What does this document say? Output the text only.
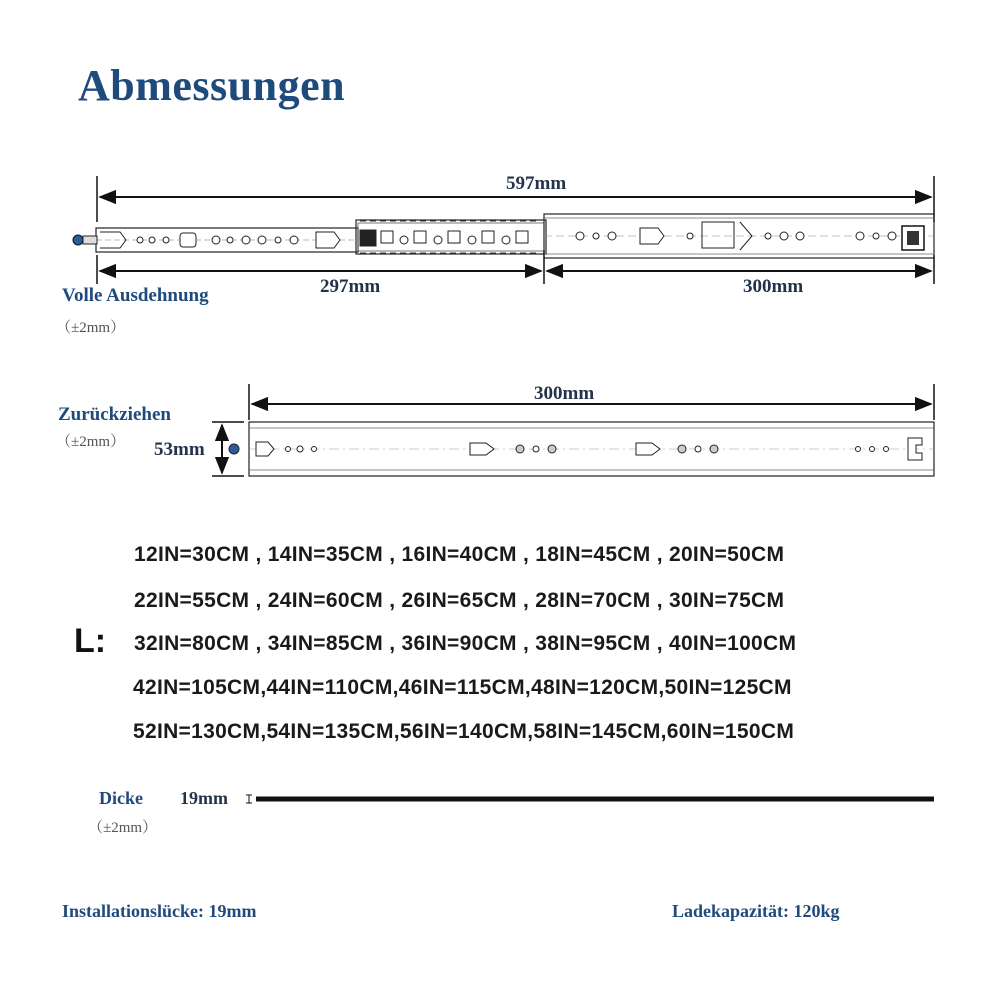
Abmessungen
597mm
297mm	300mm
Volle Ausdehnung
（±2mm）
300mm
Zurückziehen
（±2mm） 53mm
L:
12IN=30CM , 14IN=35CM , 16IN=40CM , 18IN=45CM , 20IN=50CM
22IN=55CM , 24IN=60CM , 26IN=65CM , 28IN=70CM , 30IN=75CM
32IN=80CM , 34IN=85CM , 36IN=90CM , 38IN=95CM , 40IN=100CM
42IN=105CM,44IN=110CM,46IN=115CM,48IN=120CM,50IN=125CM
52IN=130CM,54IN=135CM,56IN=140CM,58IN=145CM,60IN=150CM
Dicke 19mm
（±2mm）
Installationslücke: 19mm	Ladekapazität: 120kg
